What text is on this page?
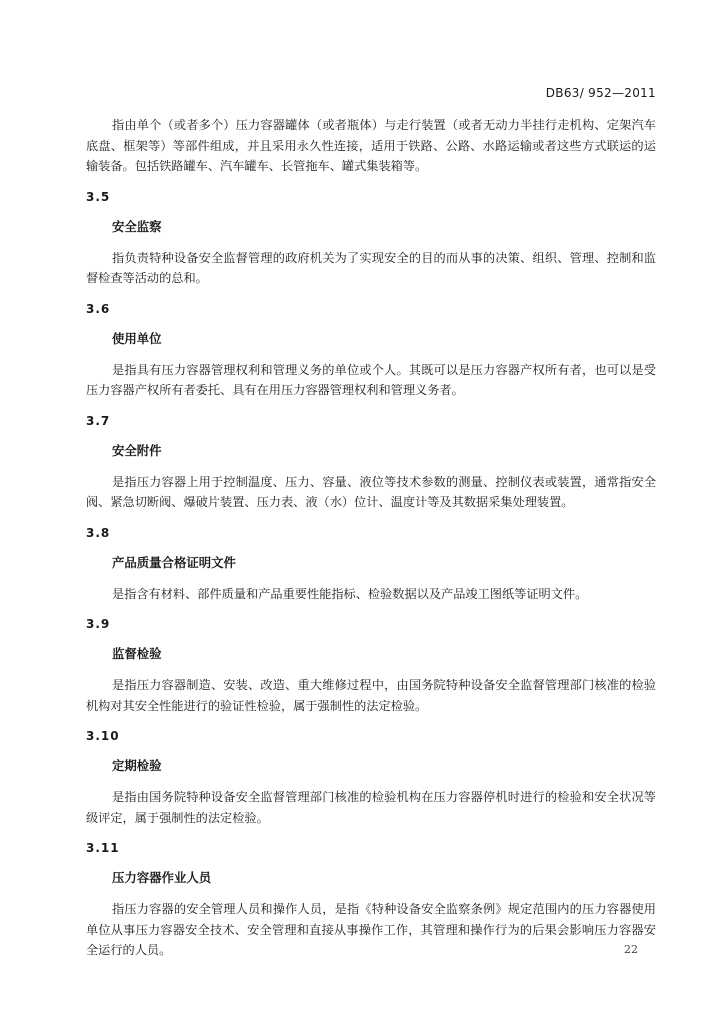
DB63/ 952—2011

指由单个（或者多个）压力容器罐体（或者瓶体）与走行装置（或者无动力半挂行走机构、定架汽车底盘、框架等）等部件组成，并且采用永久性连接，适用于铁路、公路、水路运输或者这些方式联运的运输装备。包括铁路罐车、汽车罐车、长管拖车、罐式集装箱等。

3.5
安全监察

指负责特种设备安全监督管理的政府机关为了实现安全的目的而从事的决策、组织、管理、控制和监督检查等活动的总和。

3.6
使用单位

是指具有压力容器管理权利和管理义务的单位或个人。其既可以是压力容器产权所有者，也可以是受压力容器产权所有者委托、具有在用压力容器管理权利和管理义务者。

3.7
安全附件

是指压力容器上用于控制温度、压力、容量、液位等技术参数的测量、控制仪表或装置，通常指安全阀、紧急切断阀、爆破片装置、压力表、液（水）位计、温度计等及其数据采集处理装置。

3.8
产品质量合格证明文件

是指含有材料、部件质量和产品重要性能指标、检验数据以及产品竣工图纸等证明文件。

3.9
监督检验

是指压力容器制造、安装、改造、重大维修过程中，由国务院特种设备安全监督管理部门核准的检验机构对其安全性能进行的验证性检验，属于强制性的法定检验。

3.10
定期检验

是指由国务院特种设备安全监督管理部门核准的检验机构在压力容器停机时进行的检验和安全状况等级评定，属于强制性的法定检验。

3.11
压力容器作业人员

指压力容器的安全管理人员和操作人员，是指《特种设备安全监察条例》规定范围内的压力容器使用单位从事压力容器安全技术、安全管理和直接从事操作工作，其管理和操作行为的后果会影响压力容器安全运行的人员。	22
